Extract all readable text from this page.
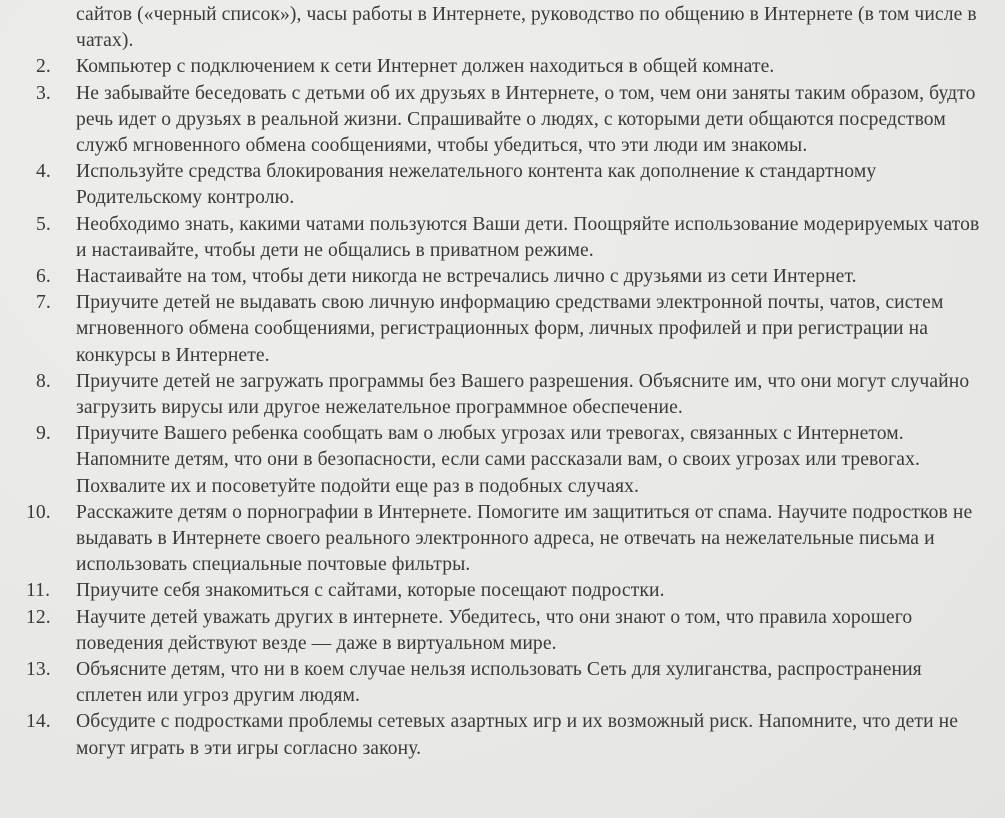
сайтов («черный список»), часы работы в Интернете, руководство по общению в Интернете (в том числе в чатах).
2.	Компьютер с подключением к сети Интернет должен находиться в общей комнате.
3.	Не забывайте беседовать с детьми об их друзьях в Интернете, о том, чем они заняты таким образом, будто речь идет о друзьях в реальной жизни. Спрашивайте о людях, с которыми дети общаются посредством служб мгновенного обмена сообщениями, чтобы убедиться, что эти люди им знакомы.
4.	Используйте средства блокирования нежелательного контента как дополнение к стандартному Родительскому контролю.
5.	Необходимо знать, какими чатами пользуются Ваши дети. Поощряйте использование модерируемых чатов и настаивайте, чтобы дети не общались в приватном режиме.
6.	Настаивайте на том, чтобы дети никогда не встречались лично с друзьями из сети Интернет.
7.	Приучите детей не выдавать свою личную информацию средствами электронной почты, чатов, систем мгновенного обмена сообщениями, регистрационных форм, личных профилей и при регистрации на конкурсы в Интернете.
8.	Приучите детей не загружать программы без Вашего разрешения. Объясните им, что они могут случайно загрузить вирусы или другое нежелательное программное обеспечение.
9.	Приучите Вашего ребенка сообщать вам о любых угрозах или тревогах, связанных с Интернетом. Напомните детям, что они в безопасности, если сами рассказали вам, о своих угрозах или тревогах. Похвалите их и посоветуйте подойти еще раз в подобных случаях.
10.	Расскажите детям о порнографии в Интернете. Помогите им защититься от спама. Научите подростков не выдавать в Интернете своего реального электронного адреса, не отвечать на нежелательные письма и использовать специальные почтовые фильтры.
11.	Приучите себя знакомиться с сайтами, которые посещают подростки.
12.	Научите детей уважать других в интернете. Убедитесь, что они знают о том, что правила хорошего поведения действуют везде — даже в виртуальном мире.
13.	Объясните детям, что ни в коем случае нельзя использовать Сеть для хулиганства, распространения сплетен или угроз другим людям.
14.	Обсудите с подростками проблемы сетевых азартных игр и их возможный риск. Напомните, что дети не могут играть в эти игры согласно закону.
